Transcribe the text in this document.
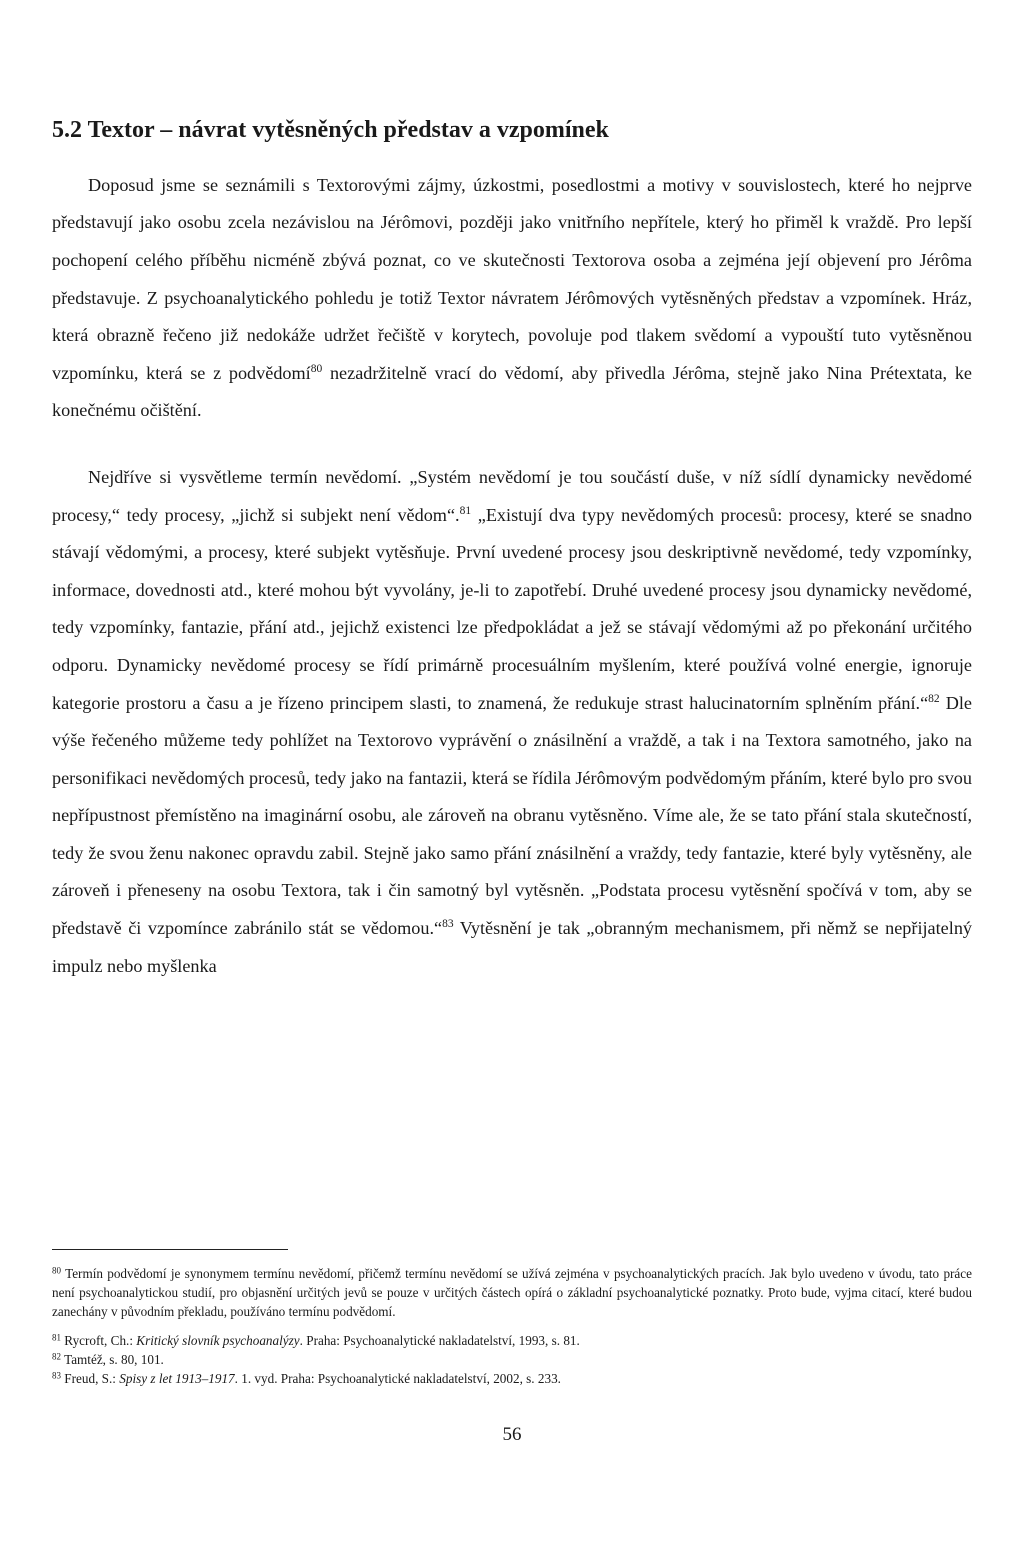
5.2 Textor – návrat vytěsněných představ a vzpomínek

Doposud jsme se seznámili s Textorovými zájmy, úzkostmi, posedlostmi a motivy v souvislostech, které ho nejprve představují jako osobu zcela nezávislou na Jérômovi, později jako vnitřního nepřítele, který ho přiměl k vraždě. Pro lepší pochopení celého příběhu nicméně zbývá poznat, co ve skutečnosti Textorova osoba a zejména její objevení pro Jérôma představuje. Z psychoanalytického pohledu je totiž Textor návratem Jérômových vytěsněných představ a vzpomínek. Hráz, která obrazně řečeno již nedokáže udržet řečiště v korytech, povoluje pod tlakem svědomí a vypouští tuto vytěsněnou vzpomínku, která se z podvědomí$^{80}$ nezadržitelně vrací do vědomí, aby přivedla Jérôma, stejně jako Nina Prétextata, ke konečnému očištění.

Nejdříve si vysvětleme termín nevědomí. „Systém nevědomí je tou součástí duše, v níž sídlí dynamicky nevědomé procesy,“ tedy procesy, „jichž si subjekt není vědom“.$^{81}$ „Existují dva typy nevědomých procesů: procesy, které se snadno stávají vědomými, a procesy, které subjekt vytěsňuje. První uvedené procesy jsou deskriptivně nevědomé, tedy vzpomínky, informace, dovednosti atd., které mohou být vyvolány, je-li to zapotřebí. Druhé uvedené procesy jsou dynamicky nevědomé, tedy vzpomínky, fantazie, přání atd., jejichž existenci lze předpokládat a jež se stávají vědomými až po překonání určitého odporu. Dynamicky nevědomé procesy se řídí primárně procesuálním myšlením, které používá volné energie, ignoruje kategorie prostoru a času a je řízeno principem slasti, to znamená, že redukuje strast halucinatorním splněním přání.“$^{82}$ Dle výše řečeného můžeme tedy pohlížet na Textorovo vyprávění o znásilnění a vraždě, a tak i na Textora samotného, jako na personifikaci nevědomých procesů, tedy jako na fantazii, která se řídila Jérômovým podvědomým přáním, které bylo pro svou nepřípustnost přemístěno na imaginární osobu, ale zároveň na obranu vytěsněno. Víme ale, že se tato přání stala skutečností, tedy že svou ženu nakonec opravdu zabil. Stejně jako samo přání znásilnění a vraždy, tedy fantazie, které byly vytěsněny, ale zároveň i přeneseny na osobu Textora, tak i čin samotný byl vytěsněn. „Podstata procesu vytěsnění spočívá v tom, aby se představě či vzpomínce zabránilo stát se vědomou.“$^{83}$ Vytěsnění je tak „obranným mechanismem, při němž se nepřijatelný impulz nebo myšlenka

$^{80}$ Termín podvědomí je synonymem termínu nevědomí, přičemž termínu nevědomí se užívá zejména v psychoanalytických pracích. Jak bylo uvedeno v úvodu, tato práce není psychoanalytickou studií, pro objasnění určitých jevů se pouze v určitých částech opírá o základní psychoanalytické poznatky. Proto bude, vyjma citací, které budou zanechány v původním překladu, používáno termínu podvědomí.

$^{81}$ Rycroft, Ch.: Kritický slovník psychoanalýzy. Praha: Psychoanalytické nakladatelství, 1993, s. 81.

$^{82}$ Tamtéž, s. 80, 101.

$^{83}$ Freud, S.: Spisy z let 1913–1917. 1. vyd. Praha: Psychoanalytické nakladatelství, 2002, s. 233.

56
